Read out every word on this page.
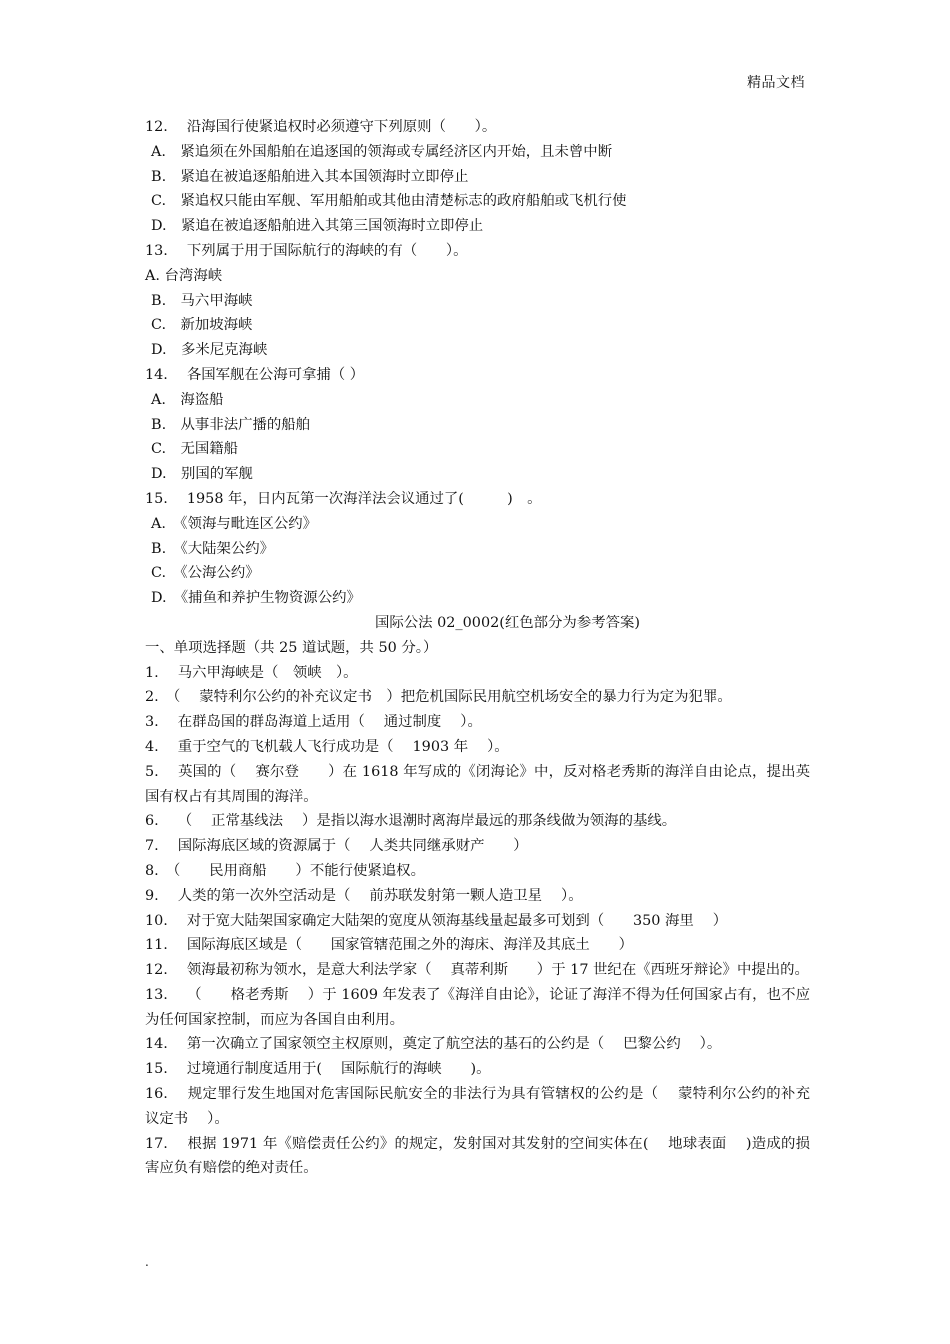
精品文档
12.　 沿海国行使紧追权时必须遵守下列原则（　　）。
A.　紧追须在外国船舶在追逐国的领海或专属经济区内开始，且未曾中断
B.　紧追在被追逐船舶进入其本国领海时立即停止
C.　紧追权只能由军舰、军用船舶或其他由清楚标志的政府船舶或飞机行使
D.　紧追在被追逐船舶进入其第三国领海时立即停止
13.　 下列属于用于国际航行的海峡的有（　　）。
A. 台湾海峡
B.　马六甲海峡
C.　新加坡海峡
D.　多米尼克海峡
14.　 各国军舰在公海可拿捕（ ）
A.　海盗船
B.　从事非法广播的船舶
C.　无国籍船
D.　别国的军舰
15.　 1958 年，日内瓦第一次海洋法会议通过了(　　　)　。
A.　《领海与毗连区公约》
B.　《大陆架公约》
C.　《公海公约》
D.　《捕鱼和养护生物资源公约》
国际公法 02_0002(红色部分为参考答案)
一、单项选择题（共 25 道试题，共 50 分。）
1.　 马六甲海峡是（　领峡　）。
2.　（　 蒙特利尔公约的补充议定书　）把危机国际民用航空机场安全的暴力行为定为犯罪。
3.　 在群岛国的群岛海道上适用（　 通过制度　 ）。
4.　 重于空气的飞机载人飞行成功是（　 1903 年　 ）。
5.　 英国的（　 赛尔登　　）在 1618 年写成的《闭海论》中，反对格老秀斯的海洋自由论点，提出英国有权占有其周围的海洋。
6.　 （　 正常基线法　 ）是指以海水退潮时离海岸最远的那条线做为领海的基线。
7.　 国际海底区域的资源属于（　 人类共同继承财产　　）
8.　（　　民用商船　　）不能行使紧追权。
9.　 人类的第一次外空活动是（　 前苏联发射第一颗人造卫星　 ）。
10.　 对于宽大陆架国家确定大陆架的宽度从领海基线量起最多可划到（　　350 海里　 ）
11.　 国际海底区域是（　　国家管辖范围之外的海床、海洋及其底土　　）
12.　 领海最初称为领水，是意大利法学家（　 真蒂利斯　　）于 17 世纪在《西班牙辩论》中提出的。
13.　 （　　格老秀斯　 ）于 1609 年发表了《海洋自由论》，论证了海洋不得为任何国家占有，也不应为任何国家控制，而应为各国自由利用。
14.　 第一次确立了国家领空主权原则，奠定了航空法的基石的公约是（　 巴黎公约　 ）。
15.　 过境通行制度适用于(　 国际航行的海峡　　)。
16.　 规定罪行发生地国对危害国际民航安全的非法行为具有管辖权的公约是（　 蒙特利尔公约的补充议定书　 ）。
17.　 根据 1971 年《赔偿责任公约》的规定，发射国对其发射的空间实体在(　 地球表面　 )造成的损害应负有赔偿的绝对责任。
.
